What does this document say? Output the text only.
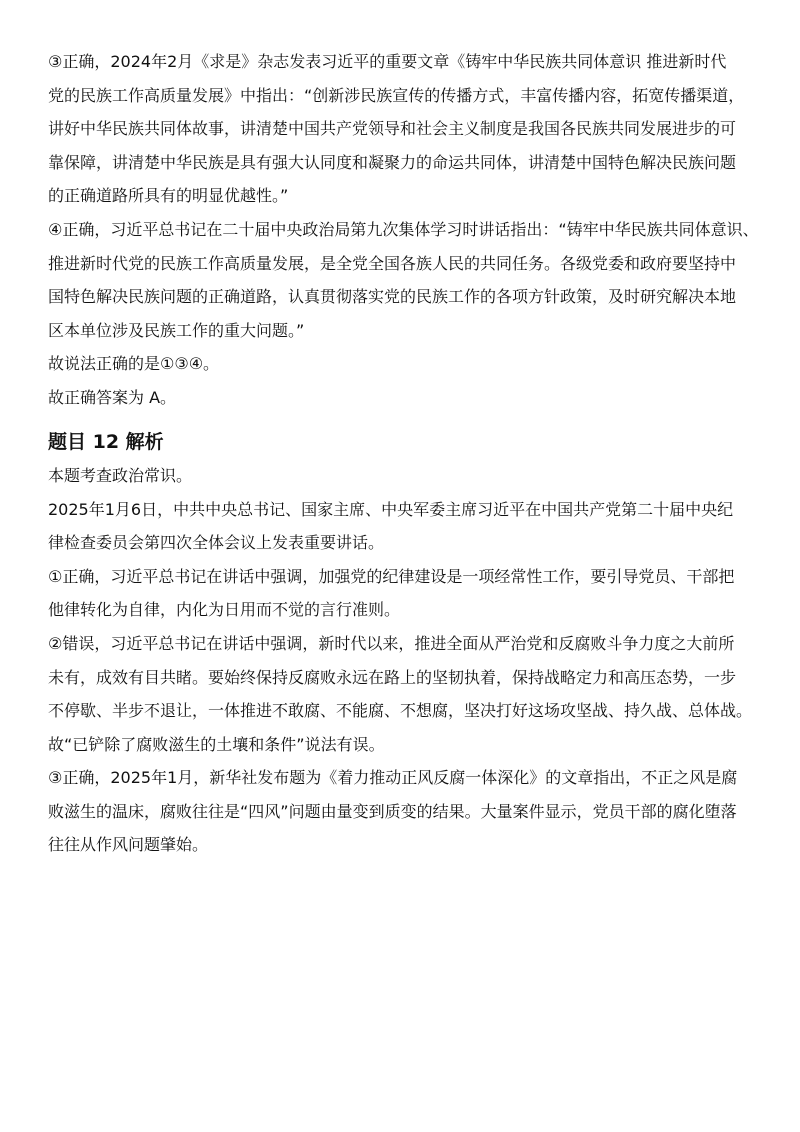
③正确，2024年2月《求是》杂志发表习近平的重要文章《铸牢中华民族共同体意识 推进新时代
党的民族工作高质量发展》中指出：“创新涉民族宣传的传播方式，丰富传播内容，拓宽传播渠道，
讲好中华民族共同体故事，讲清楚中国共产党领导和社会主义制度是我国各民族共同发展进步的可
靠保障，讲清楚中华民族是具有强大认同度和凝聚力的命运共同体，讲清楚中国特色解决民族问题
的正确道路所具有的明显优越性。”
④正确，习近平总书记在二十届中央政治局第九次集体学习时讲话指出：“铸牢中华民族共同体意识、
推进新时代党的民族工作高质量发展，是全党全国各族人民的共同任务。各级党委和政府要坚持中
国特色解决民族问题的正确道路，认真贯彻落实党的民族工作的各项方针政策，及时研究解决本地
区本单位涉及民族工作的重大问题。”
故说法正确的是①③④。
故正确答案为 A。
题目 12 解析
本题考查政治常识。
2025年1月6日，中共中央总书记、国家主席、中央军委主席习近平在中国共产党第二十届中央纪
律检查委员会第四次全体会议上发表重要讲话。
①正确，习近平总书记在讲话中强调，加强党的纪律建设是一项经常性工作，要引导党员、干部把
他律转化为自律，内化为日用而不觉的言行准则。
②错误，习近平总书记在讲话中强调，新时代以来，推进全面从严治党和反腐败斗争力度之大前所
未有，成效有目共睹。要始终保持反腐败永远在路上的坚韧执着，保持战略定力和高压态势，一步
不停歇、半步不退让，一体推进不敢腐、不能腐、不想腐，坚决打好这场攻坚战、持久战、总体战。
故“已铲除了腐败滋生的土壤和条件”说法有误。
③正确，2025年1月，新华社发布题为《着力推动正风反腐一体深化》的文章指出，不正之风是腐
败滋生的温床，腐败往往是“四风”问题由量变到质变的结果。大量案件显示，党员干部的腐化堕落
往往从作风问题肇始。
